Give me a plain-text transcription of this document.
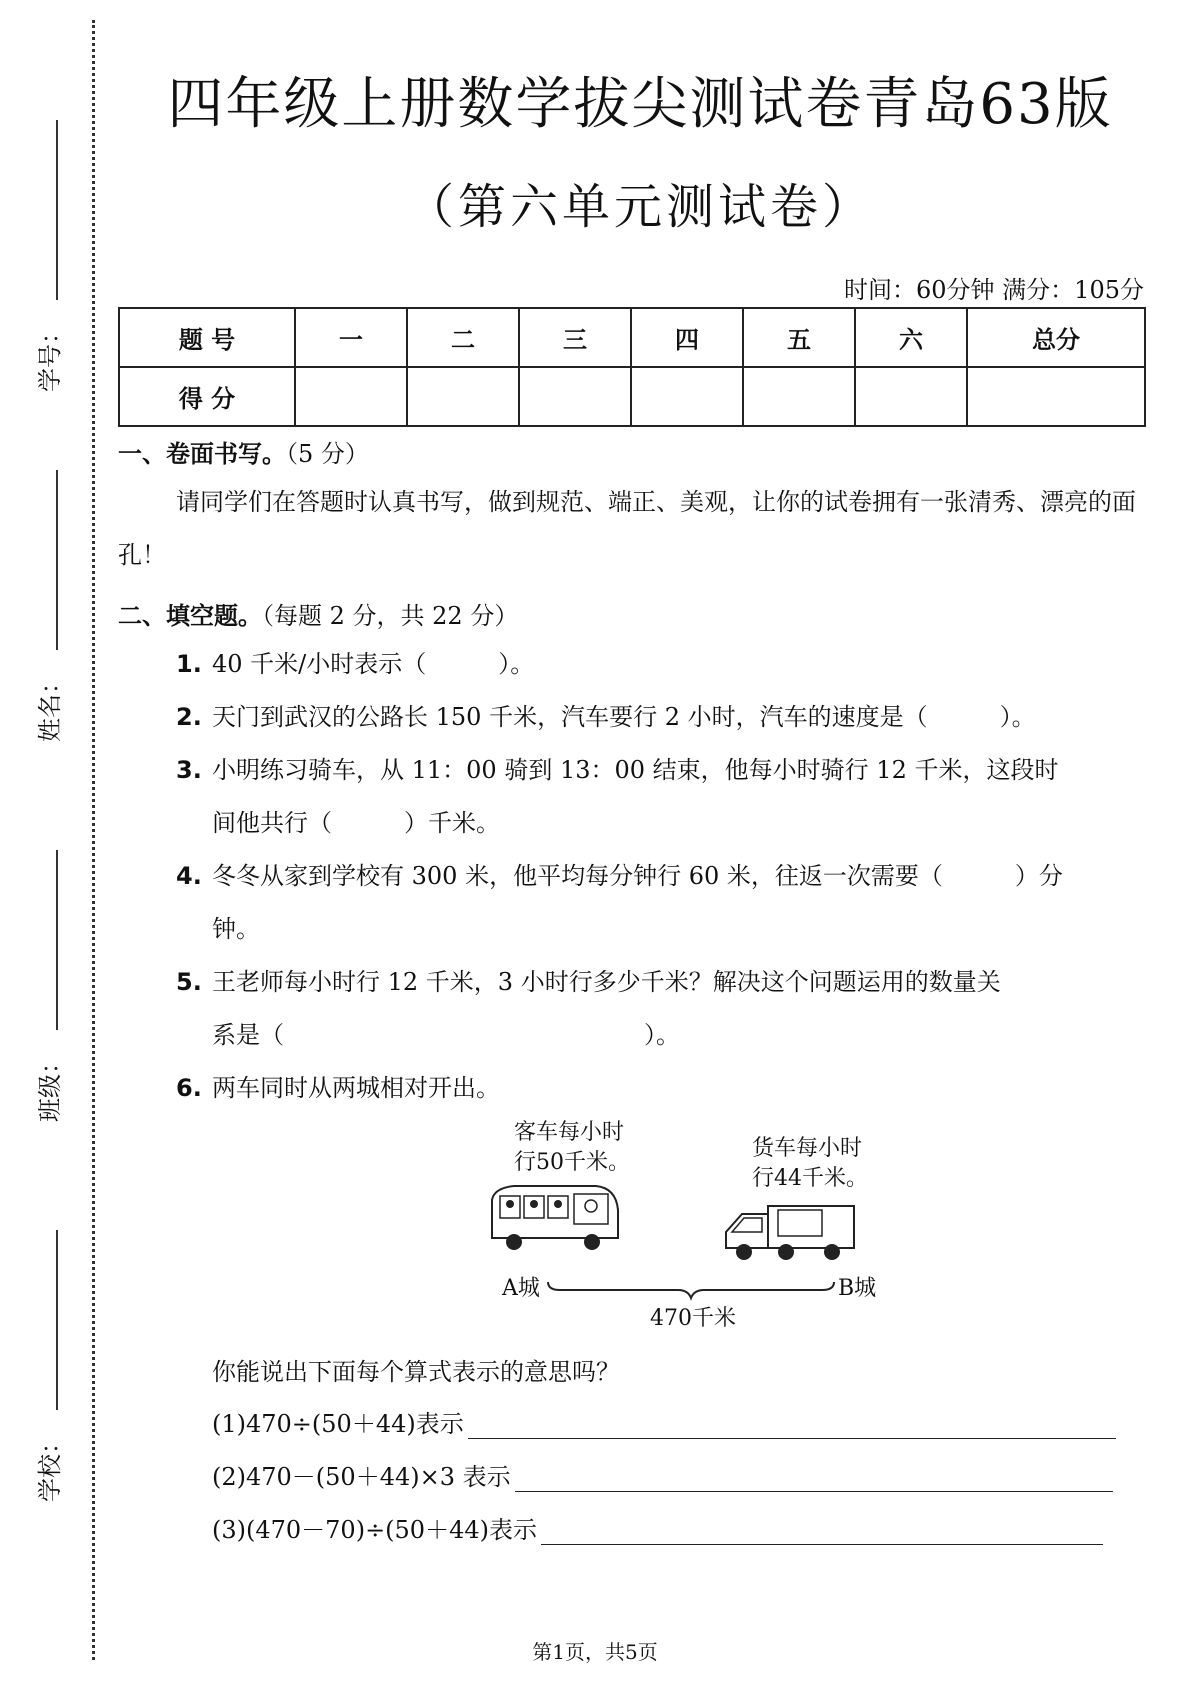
学号：
姓名：
班级：
学校：
四年级上册数学拔尖测试卷青岛63版
（第六单元测试卷）
时间：60分钟 满分：105分
题 号	一	二	三	四	五	六	总分
得 分							
一、卷面书写。（5 分）
请同学们在答题时认真书写，做到规范、端正、美观，让你的试卷拥有一张清秀、漂亮的面孔！
二、填空题。（每题 2 分，共 22 分）
1. 40 千米/小时表示（　　　）。
2. 天门到武汉的公路长 150 千米，汽车要行 2 小时，汽车的速度是（　　　）。
3. 小明练习骑车，从 11：00 骑到 13：00 结束，他每小时骑行 12 千米，这段时
间他共行（　　　）千米。
4. 冬冬从家到学校有 300 米，他平均每分钟行 60 米，往返一次需要（　　　）分
钟。
5. 王老师每小时行 12 千米，3 小时行多少千米？解决这个问题运用的数量关
系是（　　　　　　　　　　　　　　　）。
6. 两车同时从两城相对开出。
客车每小时
行50千米。
货车每小时
行44千米。
A城	B城
470千米
你能说出下面每个算式表示的意思吗？
(1)470÷(50＋44)表示
(2)470－(50＋44)×3 表示
(3)(470－70)÷(50＋44)表示
第1页，共5页
